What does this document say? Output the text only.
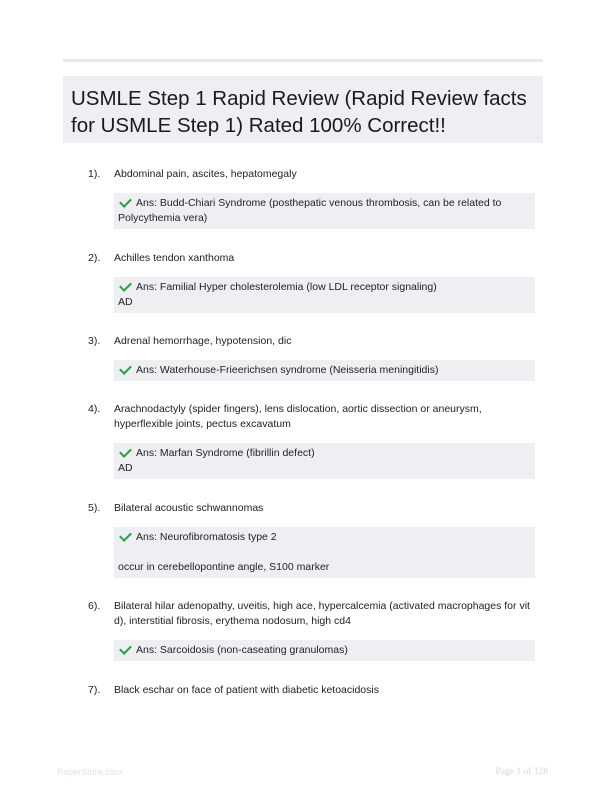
USMLE Step 1 Rapid Review (Rapid Review facts for USMLE Step 1) Rated 100% Correct!!
1). Abdominal pain, ascites, hepatomegaly
Ans: Budd-Chiari Syndrome (posthepatic venous thrombosis, can be related to Polycythemia vera)
2). Achilles tendon xanthoma
Ans: Familial Hyper cholesterolemia (low LDL receptor signaling)
AD
3). Adrenal hemorrhage, hypotension, dic
Ans: Waterhouse-Frieerichsen syndrome (Neisseria meningitidis)
4). Arachnodactyly (spider fingers), lens dislocation, aortic dissection or aneurysm, hyperflexible joints, pectus excavatum
Ans: Marfan Syndrome (fibrillin defect)
AD
5). Bilateral acoustic schwannomas
Ans: Neurofibromatosis type 2
occur in cerebellopontine angle, S100 marker
6). Bilateral hilar adenopathy, uveitis, high ace, hypercalcemia (activated macrophages for vit d), interstitial fibrosis, erythema nodosum, high cd4
Ans: Sarcoidosis (non-caseating granulomas)
7). Black eschar on face of patient with diabetic ketoacidosis
PaperStore.com	Page 1 of 128
